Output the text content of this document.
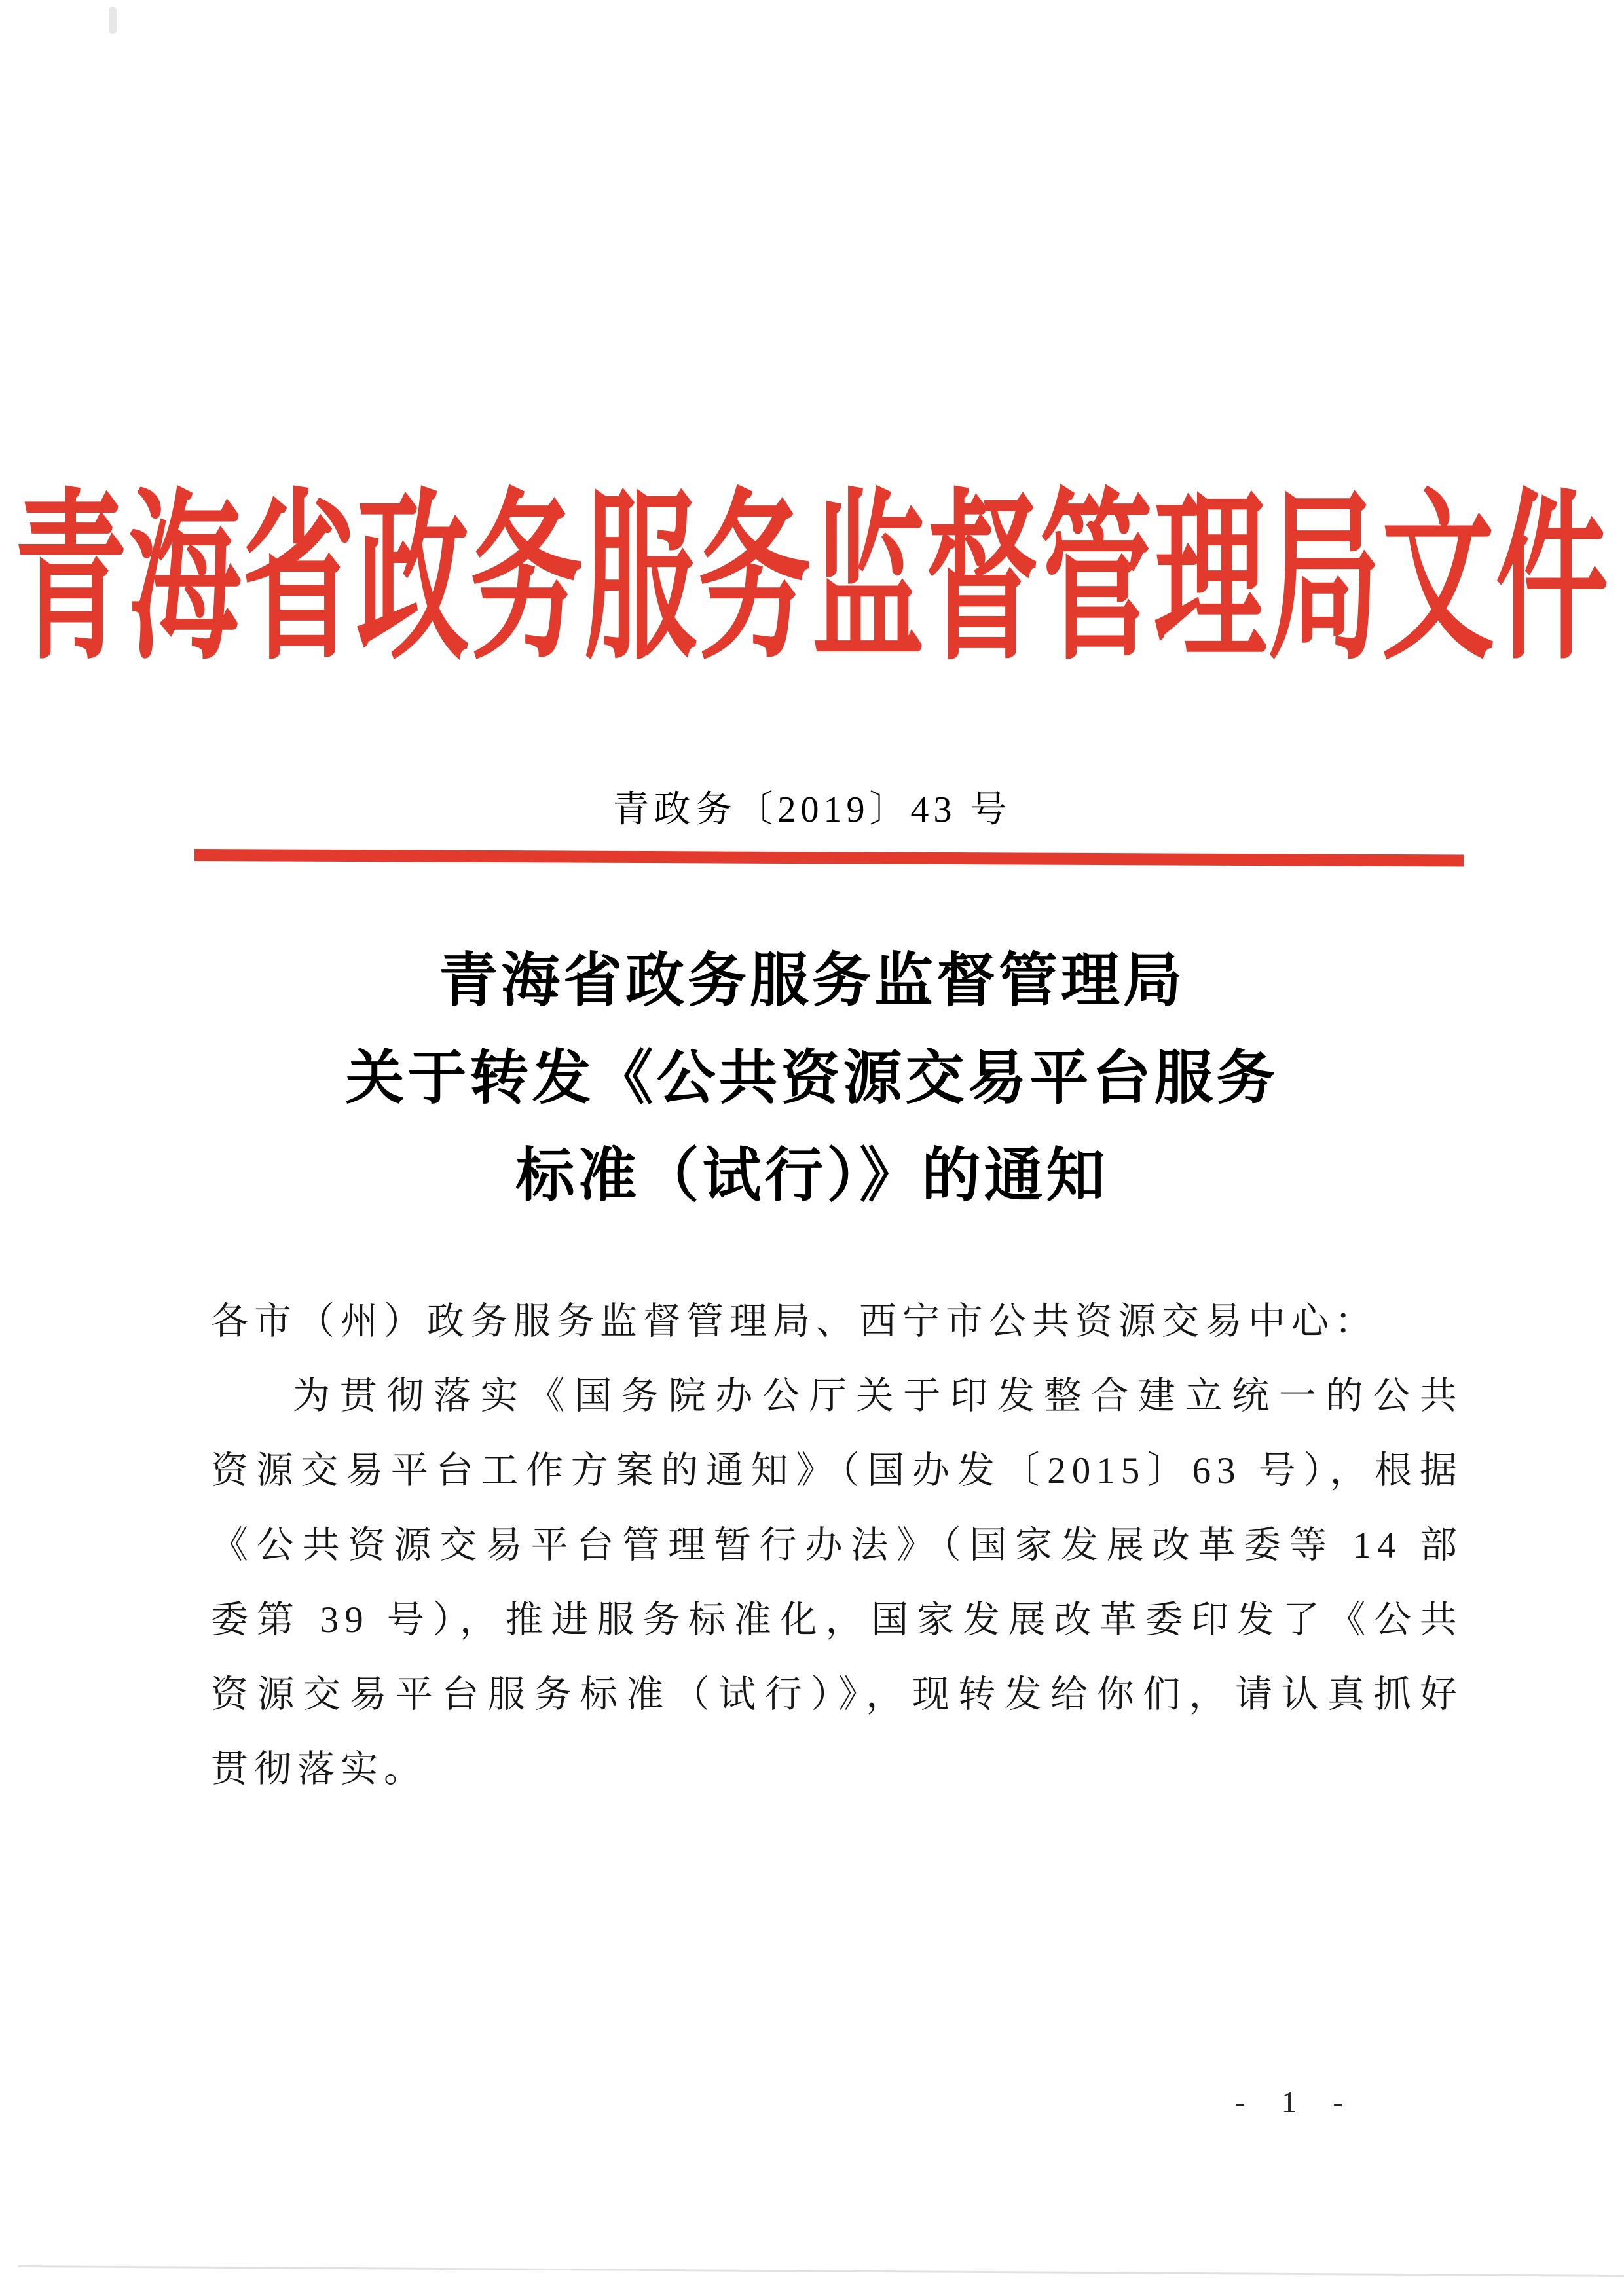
青海省政务服务监督管理局文件
青政务〔2019〕43 号
青海省政务服务监督管理局
关于转发《公共资源交易平台服务
标准（试行）》的通知
各市（州）政务服务监督管理局、西宁市公共资源交易中心：
为贯彻落实《国务院办公厅关于印发整合建立统一的公共
资源交易平台工作方案的通知》（国办发〔2015〕63 号），根据
《公共资源交易平台管理暂行办法》（国家发展改革委等 14 部
委第 39 号），推进服务标准化，国家发展改革委印发了《公共
资源交易平台服务标准（试行）》，现转发给你们，请认真抓好
贯彻落实。
- 1 -
